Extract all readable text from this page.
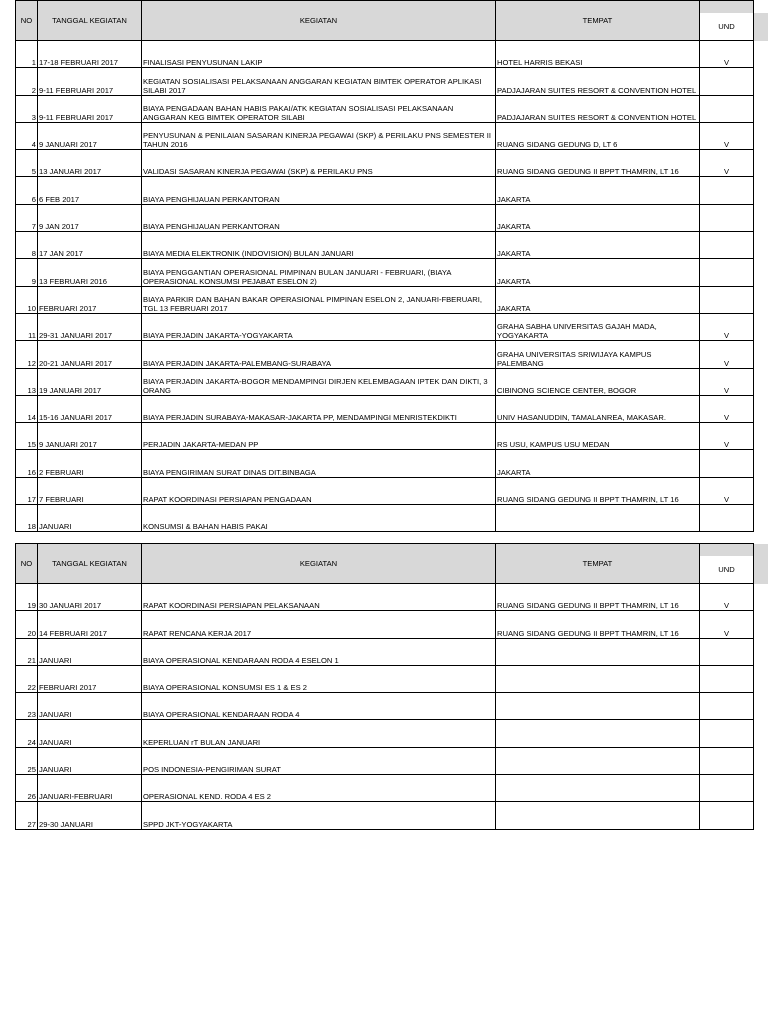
NO	TANGGAL KEGIATAN	KEGIATAN	TEMPAT	UND

1	17-18 FEBRUARI 2017	FINALISASI PENYUSUNAN LAKIP	HOTEL HARRIS BEKASI	V
2	9-11 FEBRUARI 2017	KEGIATAN SOSIALISASI PELAKSANAAN ANGGARAN KEGIATAN BIMTEK OPERATOR APLIKASI SILABI 2017	PADJAJARAN SUITES RESORT & CONVENTION HOTEL	
3	9-11 FEBRUARI 2017	BIAYA PENGADAAN BAHAN HABIS PAKAI/ATK KEGIATAN SOSIALISASI PELAKSANAAN ANGGARAN KEG BIMTEK OPERATOR SILABI	PADJAJARAN SUITES RESORT & CONVENTION HOTEL	
4	9 JANUARI 2017	PENYUSUNAN & PENILAIAN SASARAN KINERJA PEGAWAI (SKP) & PERILAKU PNS SEMESTER II TAHUN 2016	RUANG SIDANG GEDUNG D, LT 6	V
5	13 JANUARI 2017	VALIDASI SASARAN KINERJA PEGAWAI (SKP) & PERILAKU PNS	RUANG SIDANG GEDUNG II BPPT THAMRIN, LT 16	V
6	6 FEB 2017	BIAYA PENGHIJAUAN PERKANTORAN	JAKARTA	
7	9 JAN 2017	BIAYA PENGHIJAUAN PERKANTORAN	JAKARTA	
8	17 JAN 2017	BIAYA MEDIA ELEKTRONIK (INDOVISION) BULAN JANUARI	JAKARTA	
9	13 FEBRUARI 2016	BIAYA PENGGANTIAN OPERASIONAL PIMPINAN BULAN JANUARI - FEBRUARI, (BIAYA OPERASIONAL KONSUMSI PEJABAT ESELON 2)	JAKARTA	
10	FEBRUARI 2017	BIAYA PARKIR DAN BAHAN BAKAR OPERASIONAL PIMPINAN ESELON 2, JANUARI-FBERUARI, TGL 13 FEBRUARI 2017	JAKARTA	
11	29-31 JANUARI 2017	BIAYA PERJADIN JAKARTA-YOGYAKARTA	GRAHA SABHA UNIVERSITAS GAJAH MADA, YOGYAKARTA	V
12	20-21 JANUARI 2017	BIAYA PERJADIN JAKARTA-PALEMBANG-SURABAYA	GRAHA UNIVERSITAS SRIWIJAYA KAMPUS PALEMBANG	V
13	19 JANUARI 2017	BIAYA PERJADIN JAKARTA-BOGOR MENDAMPINGI DIRJEN KELEMBAGAAN IPTEK DAN DIKTI, 3 ORANG	CIBINONG SCIENCE CENTER, BOGOR	V
14	15-16 JANUARI 2017	BIAYA PERJADIN SURABAYA-MAKASAR-JAKARTA PP, MENDAMPINGI MENRISTEKDIKTI	UNIV HASANUDDIN, TAMALANREA, MAKASAR.	V
15	9 JANUARI 2017	PERJADIN JAKARTA-MEDAN PP	RS USU, KAMPUS USU MEDAN	V
16	2 FEBRUARI	BIAYA PENGIRIMAN SURAT DINAS DIT.BINBAGA	JAKARTA	
17	7 FEBRUARI	RAPAT KOORDINASI PERSIAPAN PENGADAAN	RUANG SIDANG GEDUNG II BPPT THAMRIN, LT 16	V
18	JANUARI	KONSUMSI & BAHAN HABIS PAKAI		
NO	TANGGAL KEGIATAN	KEGIATAN	TEMPAT	UND

19	30 JANUARI 2017	RAPAT KOORDINASI PERSIAPAN PELAKSANAAN	RUANG SIDANG GEDUNG II BPPT THAMRIN, LT 16	V
20	14 FEBRUARI 2017	RAPAT RENCANA KERJA 2017	RUANG SIDANG GEDUNG II BPPT THAMRIN, LT 16	V
21	JANUARI	BIAYA OPERASIONAL KENDARAAN RODA 4 ESELON 1		
22	FEBRUARI 2017	BIAYA OPERASIONAL KONSUMSI ES 1 & ES 2		
23	JANUARI	BIAYA OPERASIONAL KENDARAAN RODA 4		
24	JANUARI	KEPERLUAN rT BULAN JANUARI		
25	JANUARI	POS INDONESIA-PENGIRIMAN SURAT		
26	JANUARI-FEBRUARI	OPERASIONAL KEND. RODA 4 ES 2		
27	29-30 JANUARI	SPPD JKT-YOGYAKARTA		
